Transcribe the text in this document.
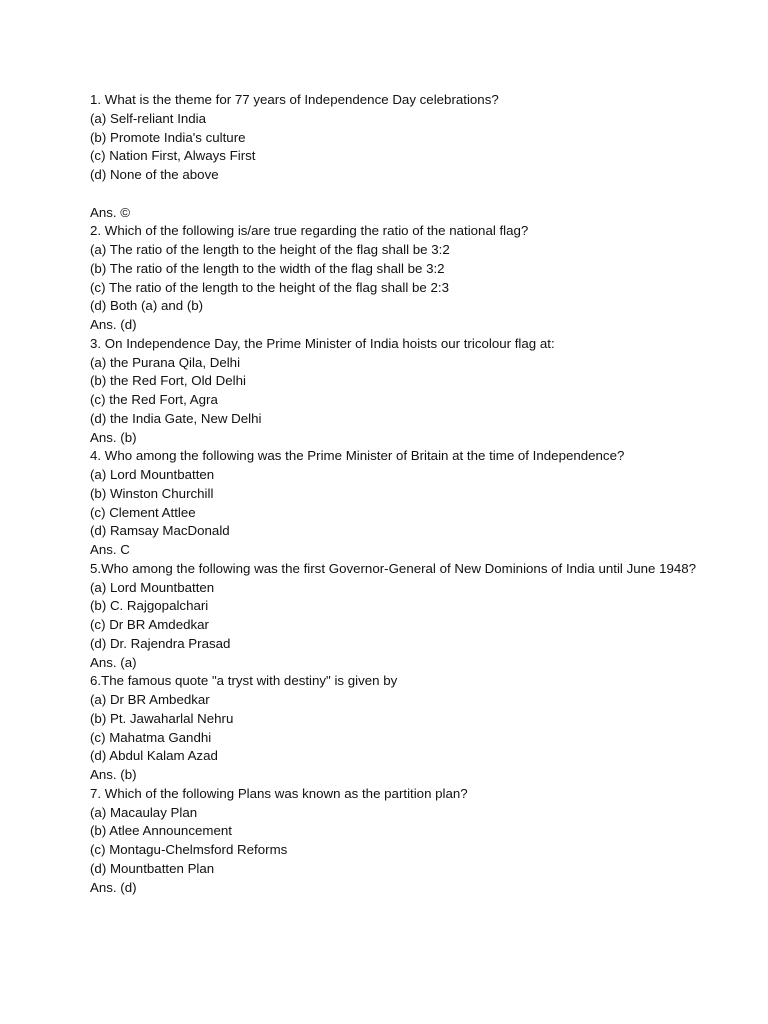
1. What is the theme for 77 years of Independence Day celebrations?
(a) Self-reliant India
(b) Promote India's culture
(c) Nation First, Always First
(d) None of the above
Ans. ©
2. Which of the following is/are true regarding the ratio of the national flag?
(a) The ratio of the length to the height of the flag shall be 3:2
(b) The ratio of the length to the width of the flag shall be 3:2
(c) The ratio of the length to the height of the flag shall be 2:3
(d) Both (a) and (b)
Ans. (d)
3. On Independence Day, the Prime Minister of India hoists our tricolour flag at:
(a) the Purana Qila, Delhi
(b) the Red Fort, Old Delhi
(c) the Red Fort, Agra
(d) the India Gate, New Delhi
Ans. (b)
4. Who among the following was the Prime Minister of Britain at the time of Independence?
(a) Lord Mountbatten
(b) Winston Churchill
(c) Clement Attlee
(d) Ramsay MacDonald
Ans. C
5.Who among the following was the first Governor-General of New Dominions of India until June 1948?
(a) Lord Mountbatten
(b) C. Rajgopalchari
(c) Dr BR Amdedkar
(d) Dr. Rajendra Prasad
Ans. (a)
6.The famous quote "a tryst with destiny" is given by
(a) Dr BR Ambedkar
(b) Pt. Jawaharlal Nehru
(c) Mahatma Gandhi
(d) Abdul Kalam Azad
Ans. (b)
7. Which of the following Plans was known as the partition plan?
(a) Macaulay Plan
(b) Atlee Announcement
(c) Montagu-Chelmsford Reforms
(d) Mountbatten Plan
Ans. (d)
